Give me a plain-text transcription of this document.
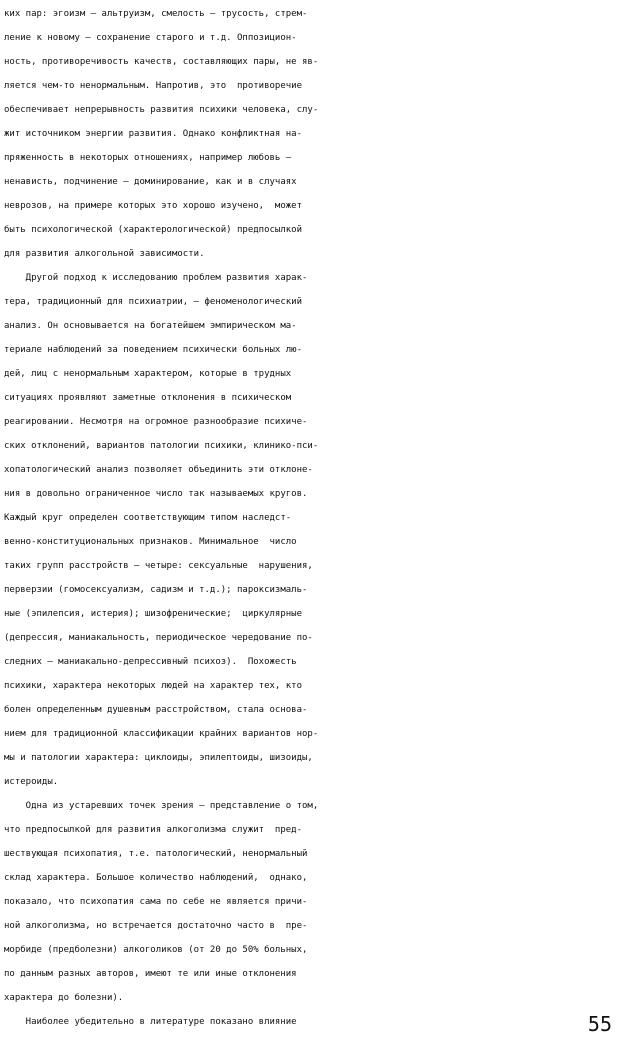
ких пар: эгоизм – альтруизм, смелость – трусость, стрем-
ление к новому – сохранение старого и т.д. Оппозицион-
ность, противоречивость качеств, составляющих пары, не яв-
ляется чем-то ненормальным. Напротив, это  противоречие
обеспечивает непрерывность развития психики человека, слу-
жит источником энергии развития. Однако конфликтная на-
пряженность в некоторых отношениях, например любовь –
ненависть, подчинение – доминирование, как и в случаях
неврозов, на примере которых это хорошо изучено,  может
быть психологической (характерологической) предпосылкой
для развития алкогольной зависимости.
Другой подход к исследованию проблем развития харак-
тера, традиционный для психиатрии, – феноменологический
анализ. Он основывается на богатейшем эмпирическом ма-
териале наблюдений за поведением психически больных лю-
дей, лиц с ненормальным характером, которые в трудных
ситуациях проявляют заметные отклонения в психическом
реагировании. Несмотря на огромное разнообразие психиче-
ских отклонений, вариантов патологии психики, клинико-пси-
хопатологический анализ позволяет объединить эти отклоне-
ния в довольно ограниченное число так называемых кругов.
Каждый круг определен соответствующим типом наследст-
венно-конституциональных признаков. Минимальное  число
таких групп расстройств – четыре: сексуальные  нарушения,
перверзии (гомосексуализм, садизм и т.д.); пароксизмаль-
ные (эпилепсия, истерия); шизофренические;  циркулярные
(депрессия, маниакальность, периодическое чередование по-
следних – маниакально-депрессивный психоз).  Похожесть
психики, характера некоторых людей на характер тех, кто
болен определенным душевным расстройством, стала основа-
нием для традиционной классификации крайних вариантов нор-
мы и патологии характера: циклоиды, эпилептоиды, шизоиды,
истероиды.
Одна из устаревших точек зрения – представление о том,
что предпосылкой для развития алкоголизма служит  пред-
шествующая психопатия, т.е. патологический, ненормальный
склад характера. Большое количество наблюдений,  однако,
показало, что психопатия сама по себе не является причи-
ной алкоголизма, но встречается достаточно часто в  пре-
морбиде (предболезни) алкоголиков (от 20 до 50% больных,
по данным разных авторов, имеют те или иные отклонения
характера до болезни).
Наиболее убедительно в литературе показано влияние	55
